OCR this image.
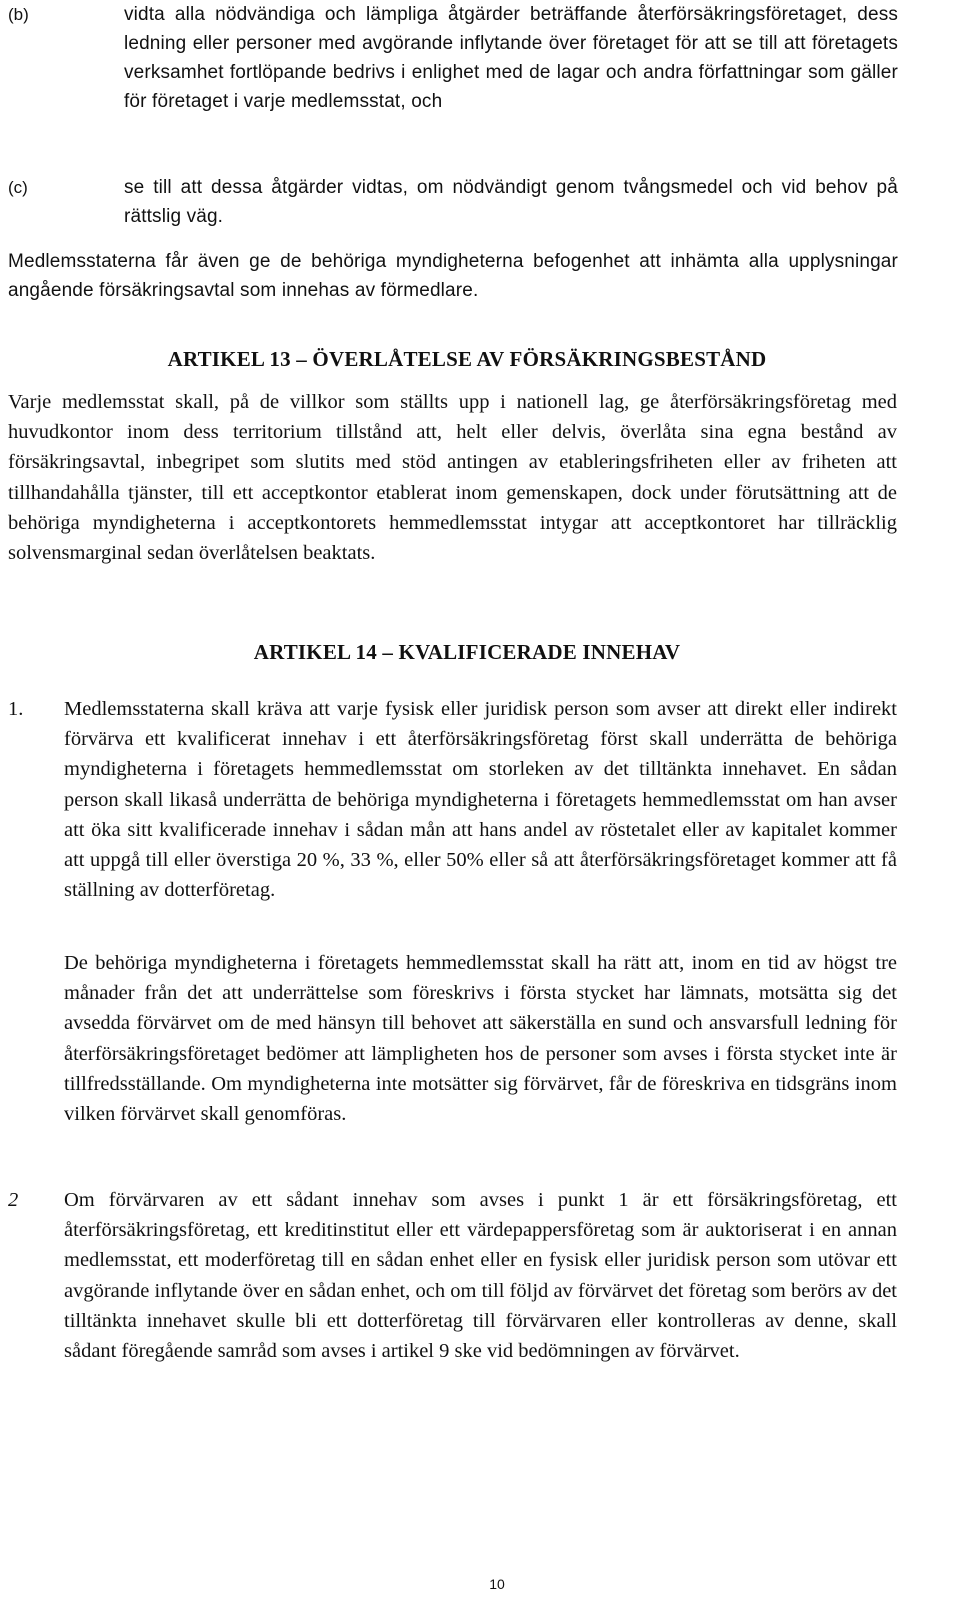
(b)	vidta alla nödvändiga och lämpliga åtgärder beträffande återförsäkringsföretaget, dess ledning eller personer med avgörande inflytande över företaget för att se till att företagets verksamhet fortlöpande bedrivs i enlighet med de lagar och andra författningar som gäller för företaget i varje medlemsstat, och

(c)	se till att dessa åtgärder vidtas, om nödvändigt genom tvångsmedel och vid behov på rättslig väg.

Medlemsstaterna får även ge de behöriga myndigheterna befogenhet att inhämta alla upplysningar angående försäkringsavtal som innehas av förmedlare.

ARTIKEL 13 – ÖVERLÅTELSE AV FÖRSÄKRINGSBESTÅND

Varje medlemsstat skall, på de villkor som ställts upp i nationell lag, ge återförsäkringsföretag med huvudkontor inom dess territorium tillstånd att, helt eller delvis, överlåta sina egna bestånd av försäkringsavtal, inbegripet som slutits med stöd antingen av etableringsfriheten eller av friheten att tillhandahålla tjänster, till ett acceptkontor etablerat inom gemenskapen, dock under förutsättning att de behöriga myndigheterna i acceptkontorets hemmedlemsstat intygar att acceptkontoret har tillräcklig solvensmarginal sedan överlåtelsen beaktats.

ARTIKEL 14 – KVALIFICERADE INNEHAV

1. Medlemsstaterna skall kräva att varje fysisk eller juridisk person som avser att direkt eller indirekt förvärva ett kvalificerat innehav i ett återförsäkringsföretag först skall underrätta de behöriga myndigheterna i företagets hemmedlemsstat om storleken av det tilltänkta innehavet. En sådan person skall likaså underrätta de behöriga myndigheterna i företagets hemmedlemsstat om han avser att öka sitt kvalificerade innehav i sådan mån att hans andel av röstetalet eller av kapitalet kommer att uppgå till eller överstiga 20 %, 33 %, eller 50% eller så att återförsäkringsföretaget kommer att få ställning av dotterföretag.

De behöriga myndigheterna i företagets hemmedlemsstat skall ha rätt att, inom en tid av högst tre månader från det att underrättelse som föreskrivs i första stycket har lämnats, motsätta sig det avsedda förvärvet om de med hänsyn till behovet att säkerställa en sund och ansvarsfull ledning för återförsäkringsföretaget bedömer att lämpligheten hos de personer som avses i första stycket inte är tillfredsställande. Om myndigheterna inte motsätter sig förvärvet, får de föreskriva en tidsgräns inom vilken förvärvet skall genomföras.

2 Om förvärvaren av ett sådant innehav som avses i punkt 1 är ett försäkringsföretag, ett återförsäkringsföretag, ett kreditinstitut eller ett värdepappersföretag som är auktoriserat i en annan medlemsstat, ett moderföretag till en sådan enhet eller en fysisk eller juridisk person som utövar ett avgörande inflytande över en sådan enhet, och om till följd av förvärvet det företag som berörs av det tilltänkta innehavet skulle bli ett dotterföretag till förvärvaren eller kontrolleras av denne, skall sådant föregående samråd som avses i artikel 9 ske vid bedömningen av förvärvet.

10
